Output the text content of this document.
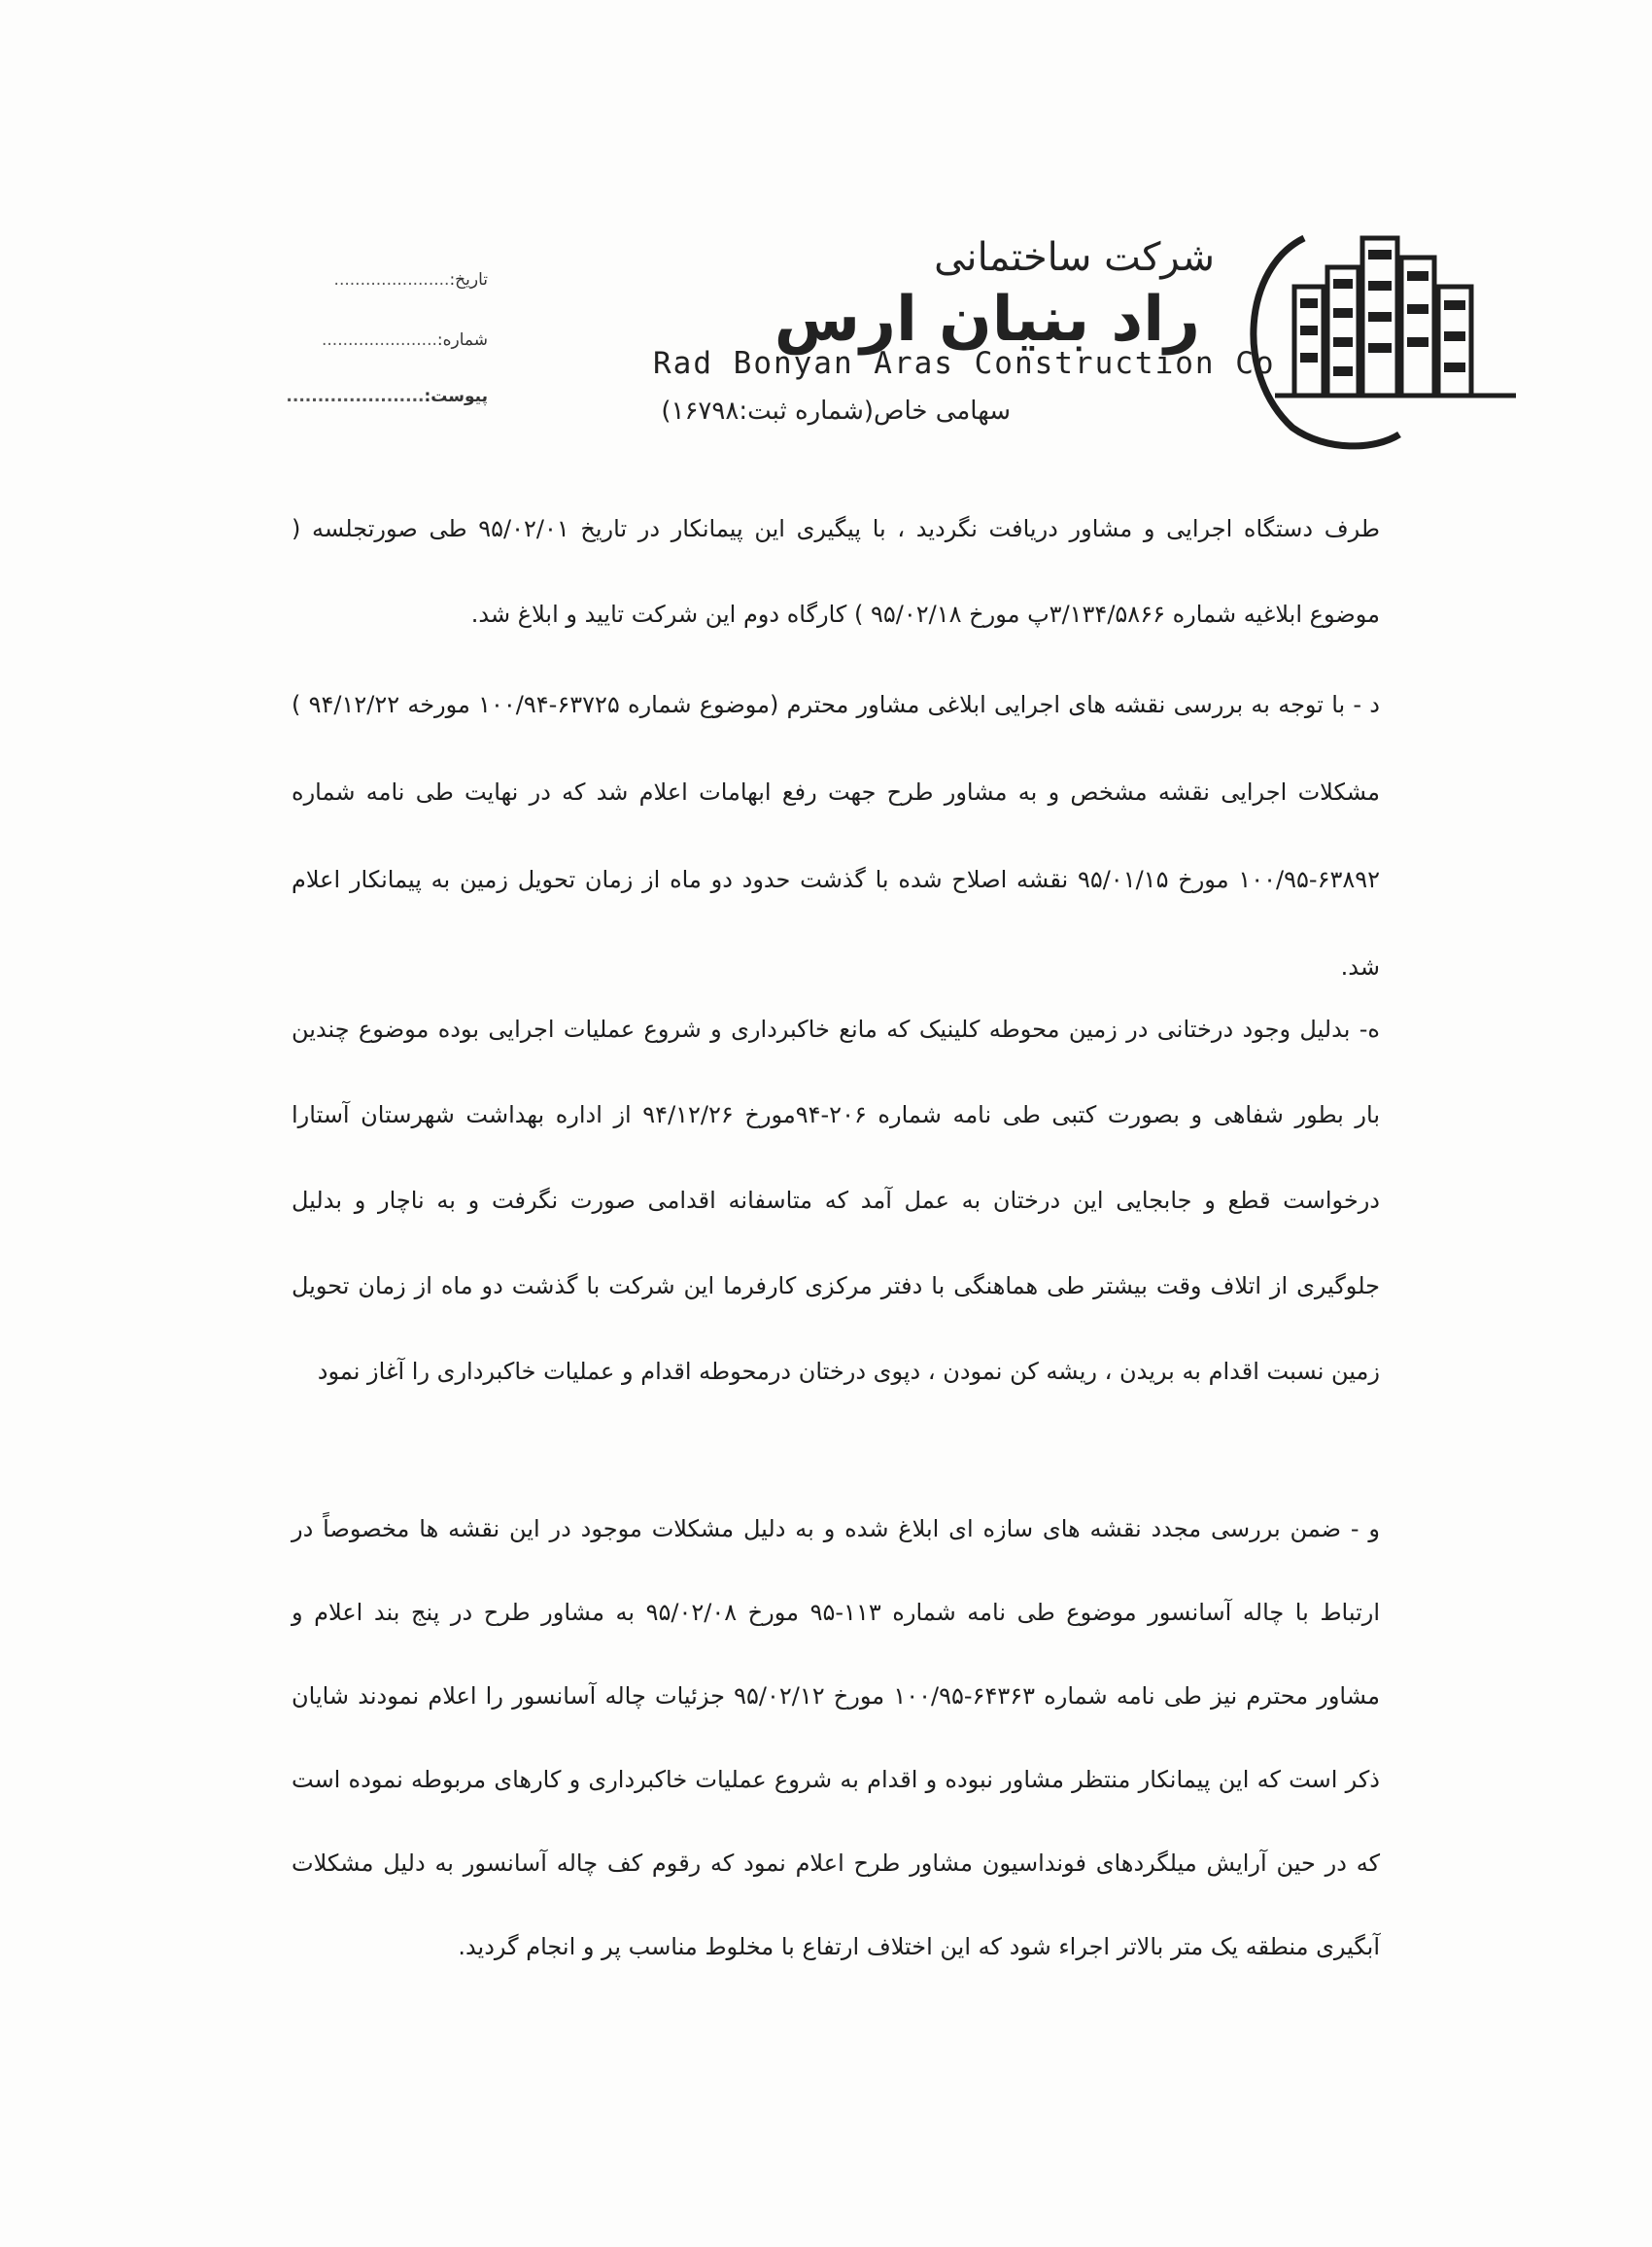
شرکت ساختمانی
راد بنیان ارس
Rad Bonyan Aras Construction Co
سهامی خاص(شماره ثبت:۱۶۷۹۸)
تاریخ:......................
شماره:......................
پیوست:......................

طرف دستگاه اجرایی و مشاور دریافت نگردید ، با پیگیری این پیمانکار در تاریخ ۹۵/۰۲/۰۱ طی صورتجلسه ( موضوع ابلاغیه شماره ۳/۱۳۴/۵۸۶۶پ مورخ ۹۵/۰۲/۱۸ ) کارگاه دوم این شرکت تایید و ابلاغ شد.

د - با توجه به بررسی نقشه های اجرایی ابلاغی مشاور محترم (موضوع شماره ۶۳۷۲۵-۱۰۰/۹۴ مورخه ۹۴/۱۲/۲۲ ) مشکلات اجرایی نقشه مشخص و به مشاور طرح جهت رفع ابهامات اعلام شد که در نهایت طی نامه شماره ۶۳۸۹۲-۱۰۰/۹۵ مورخ ۹۵/۰۱/۱۵ نقشه اصلاح شده با گذشت حدود دو ماه از زمان تحویل زمین به پیمانکار اعلام شد.

ه- بدلیل وجود درختانی در زمین محوطه کلینیک که مانع خاکبرداری و شروع عملیات اجرایی بوده موضوع چندین بار بطور شفاهی و بصورت کتبی طی نامه شماره ۲۰۶-۹۴مورخ ۹۴/۱۲/۲۶ از اداره بهداشت شهرستان آستارا درخواست قطع و جابجایی این درختان به عمل آمد که متاسفانه اقدامی صورت نگرفت و به ناچار و بدلیل جلوگیری از اتلاف وقت بیشتر طی هماهنگی با دفتر مرکزی کارفرما این شرکت با گذشت دو ماه از زمان تحویل زمین نسبت اقدام به بریدن ، ریشه کن نمودن ، دپوی درختان درمحوطه اقدام و عملیات خاکبرداری را آغاز نمود

و - ضمن بررسی مجدد نقشه های سازه ای ابلاغ شده و به دلیل مشکلات موجود در این نقشه ها مخصوصاً در ارتباط با چاله آسانسور موضوع طی نامه شماره ۱۱۳-۹۵ مورخ ۹۵/۰۲/۰۸ به مشاور طرح در پنج بند اعلام و مشاور محترم نیز طی نامه شماره ۶۴۳۶۳-۱۰۰/۹۵ مورخ ۹۵/۰۲/۱۲ جزئیات چاله آسانسور را اعلام نمودند شایان ذکر است که این پیمانکار منتظر مشاور نبوده و اقدام به شروع عملیات خاکبرداری و کارهای مربوطه نموده است که در حین آرایش میلگردهای فونداسیون مشاور طرح اعلام نمود که رقوم کف چاله آسانسور به دلیل مشکلات آبگیری منطقه یک متر بالاتر اجراء شود که این اختلاف ارتفاع با مخلوط مناسب پر و انجام گردید.
